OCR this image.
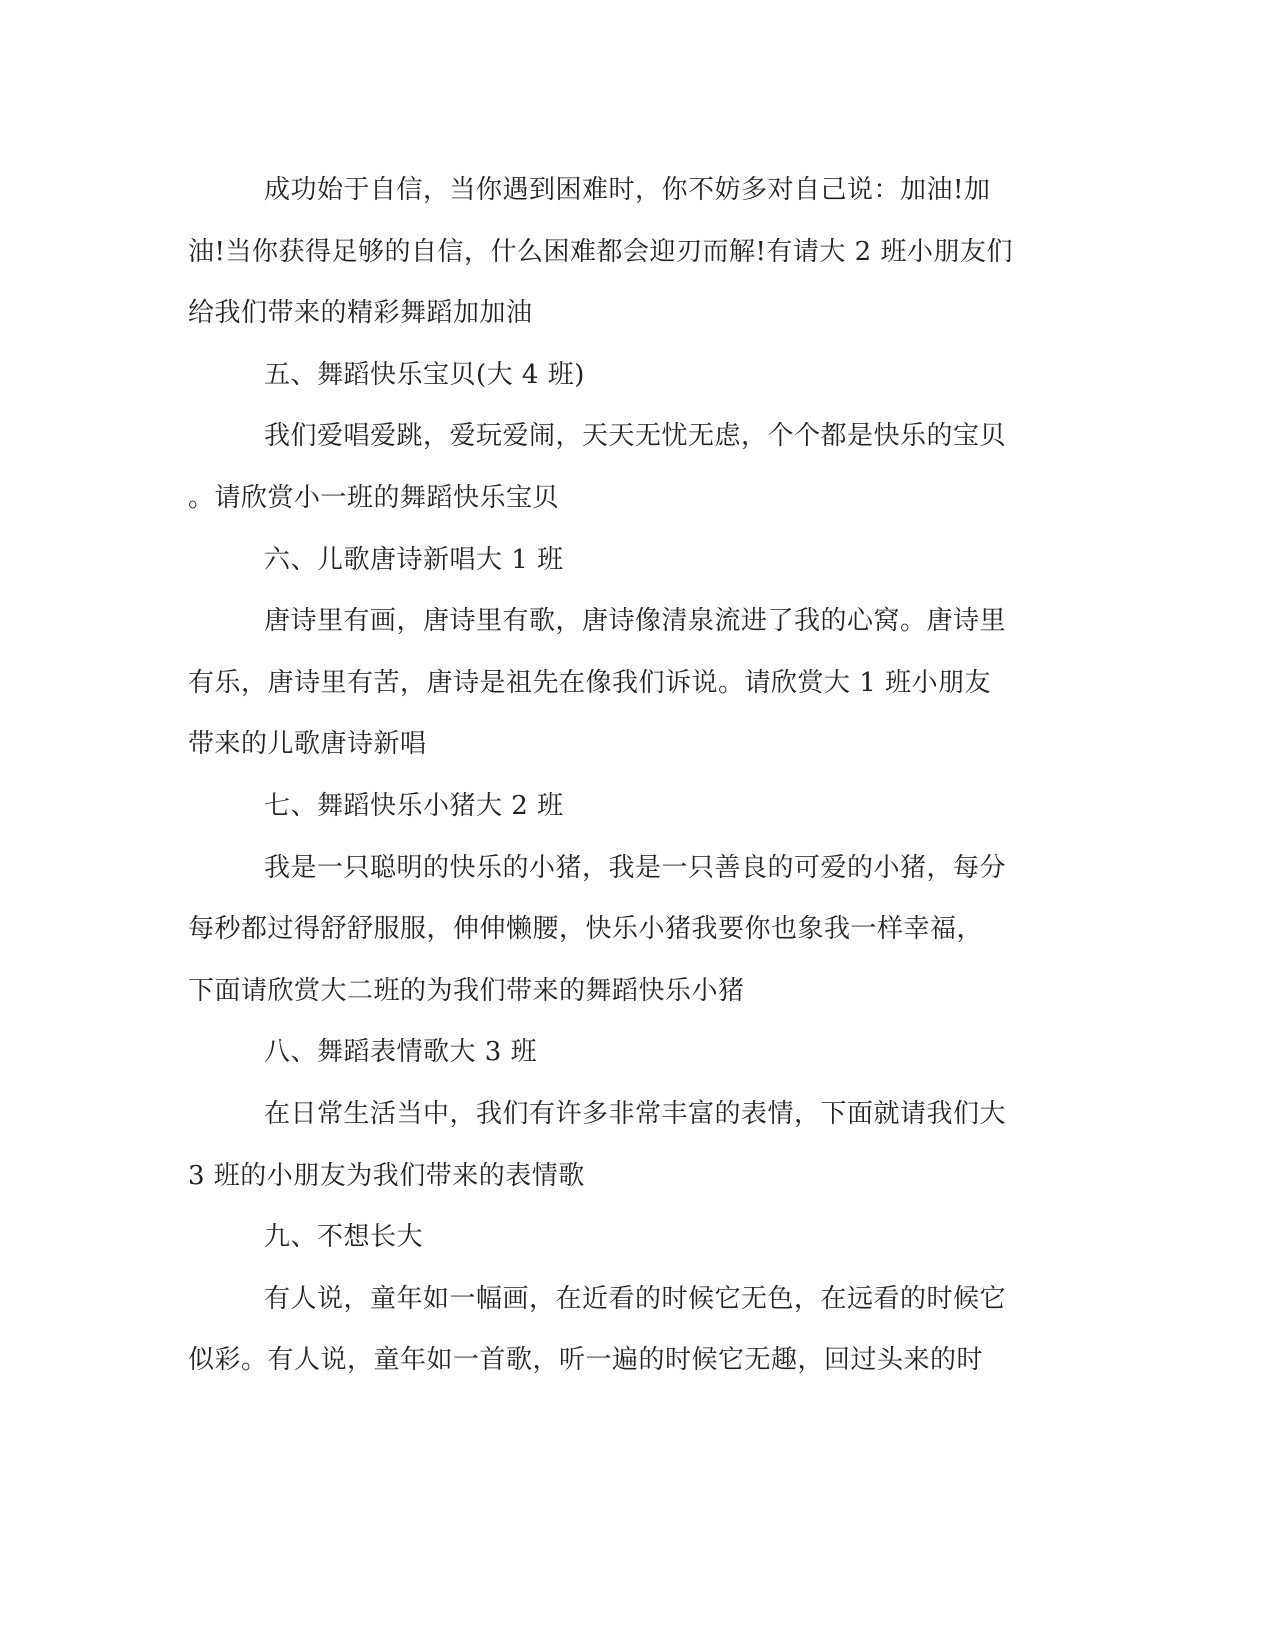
成功始于自信，当你遇到困难时，你不妨多对自己说：加油!加
油!当你获得足够的自信，什么困难都会迎刃而解!有请大 2 班小朋友们
给我们带来的精彩舞蹈加加油
五、舞蹈快乐宝贝(大 4 班)
我们爱唱爱跳，爱玩爱闹，天天无忧无虑，个个都是快乐的宝贝
。请欣赏小一班的舞蹈快乐宝贝
六、儿歌唐诗新唱大 1 班
唐诗里有画，唐诗里有歌，唐诗像清泉流进了我的心窝。唐诗里
有乐，唐诗里有苦，唐诗是祖先在像我们诉说。请欣赏大 1 班小朋友
带来的儿歌唐诗新唱
七、舞蹈快乐小猪大 2 班
我是一只聪明的快乐的小猪，我是一只善良的可爱的小猪，每分
每秒都过得舒舒服服，伸伸懒腰，快乐小猪我要你也象我一样幸福，
下面请欣赏大二班的为我们带来的舞蹈快乐小猪
八、舞蹈表情歌大 3 班
在日常生活当中，我们有许多非常丰富的表情，下面就请我们大
3 班的小朋友为我们带来的表情歌
九、不想长大
有人说，童年如一幅画，在近看的时候它无色，在远看的时候它
似彩。有人说，童年如一首歌，听一遍的时候它无趣，回过头来的时
